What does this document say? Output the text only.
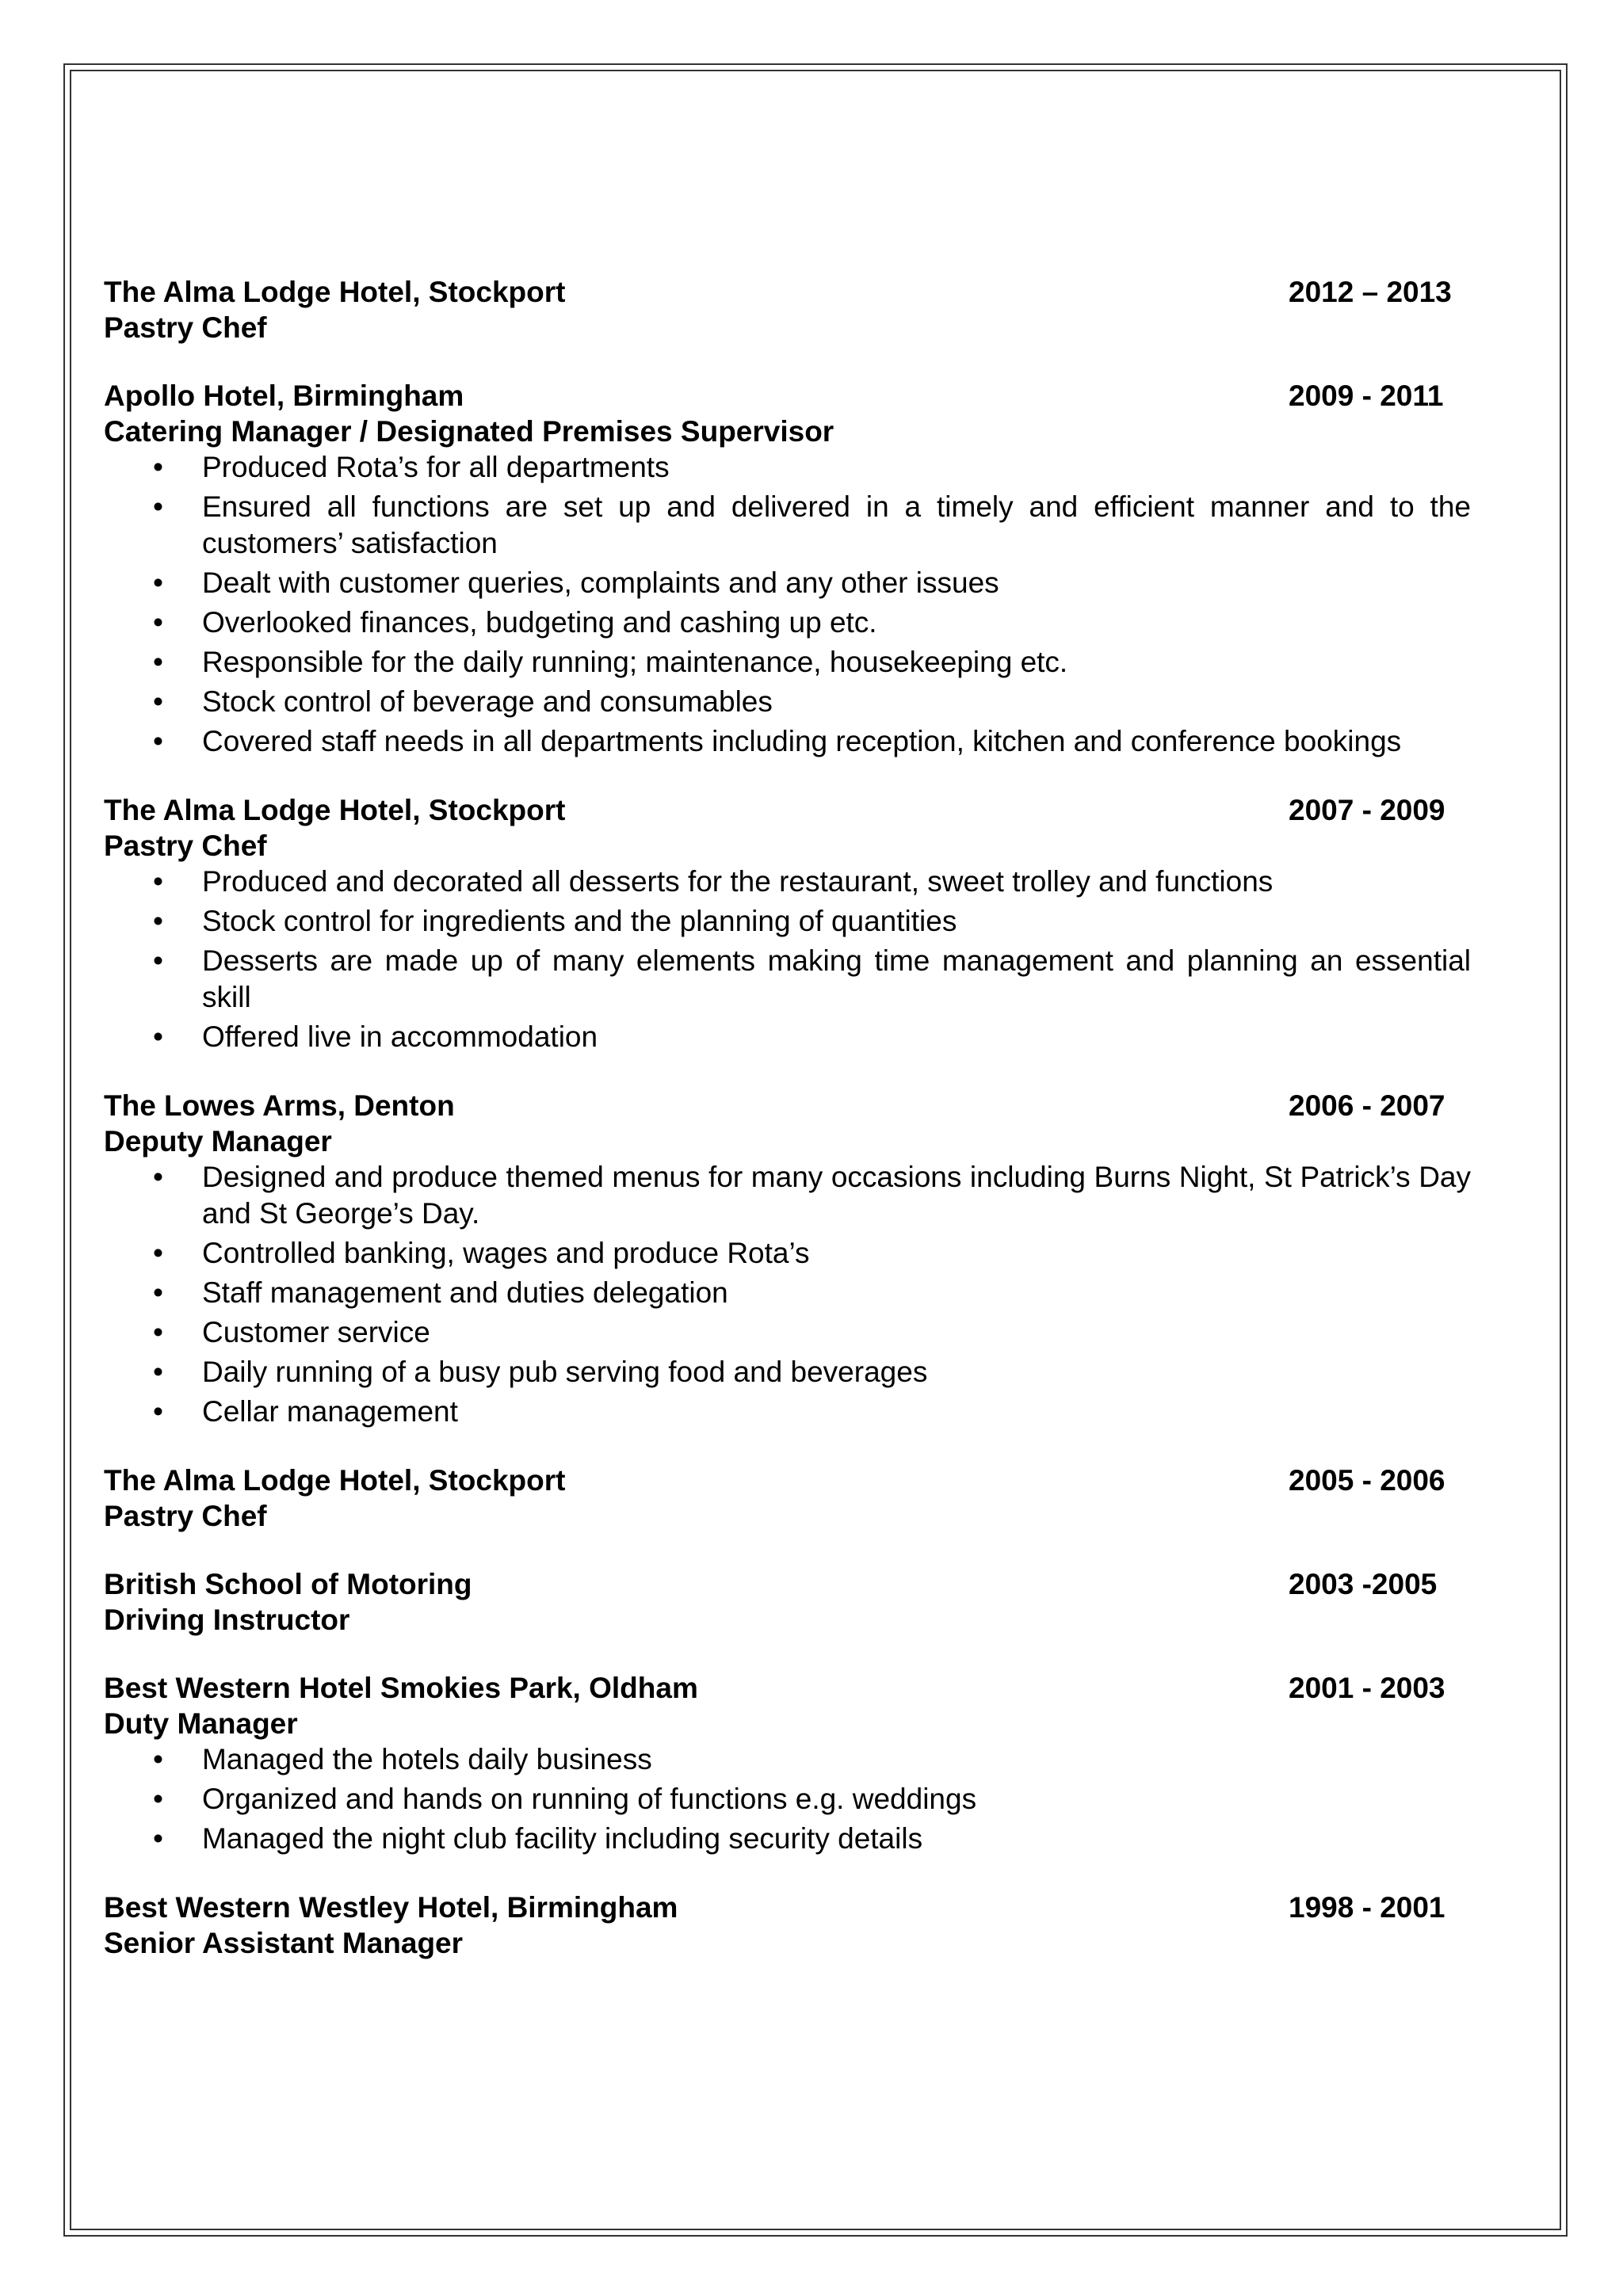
The Alma Lodge Hotel, Stockport	2012 – 2013
Pastry Chef
Apollo Hotel, Birmingham	2009 - 2011
Catering Manager / Designated Premises Supervisor
• Produced Rota’s for all departments
• Ensured all functions are set up and delivered in a timely and efficient manner and to the customers’ satisfaction
• Dealt with customer queries, complaints and any other issues
• Overlooked finances, budgeting and cashing up etc.
• Responsible for the daily running; maintenance, housekeeping etc.
• Stock control of beverage and consumables
• Covered staff needs in all departments including reception, kitchen and conference bookings
The Alma Lodge Hotel, Stockport	2007 - 2009
Pastry Chef
• Produced and decorated all desserts for the restaurant, sweet trolley and functions
• Stock control for ingredients and the planning of quantities
• Desserts are made up of many elements making time management and planning an essential skill
• Offered live in accommodation
The Lowes Arms, Denton	2006 - 2007
Deputy Manager
• Designed and produce themed menus for many occasions including Burns Night, St Patrick’s Day and St George’s Day.
• Controlled banking, wages and produce Rota’s
• Staff management and duties delegation
• Customer service
• Daily running of a busy pub serving food and beverages
• Cellar management
The Alma Lodge Hotel, Stockport	2005 - 2006
Pastry Chef
British School of Motoring	2003 -2005
Driving Instructor
Best Western Hotel Smokies Park, Oldham	2001 - 2003
Duty Manager
• Managed the hotels daily business
• Organized and hands on running of functions e.g. weddings
• Managed the night club facility including security details
Best Western Westley Hotel, Birmingham	1998 - 2001
Senior Assistant Manager
